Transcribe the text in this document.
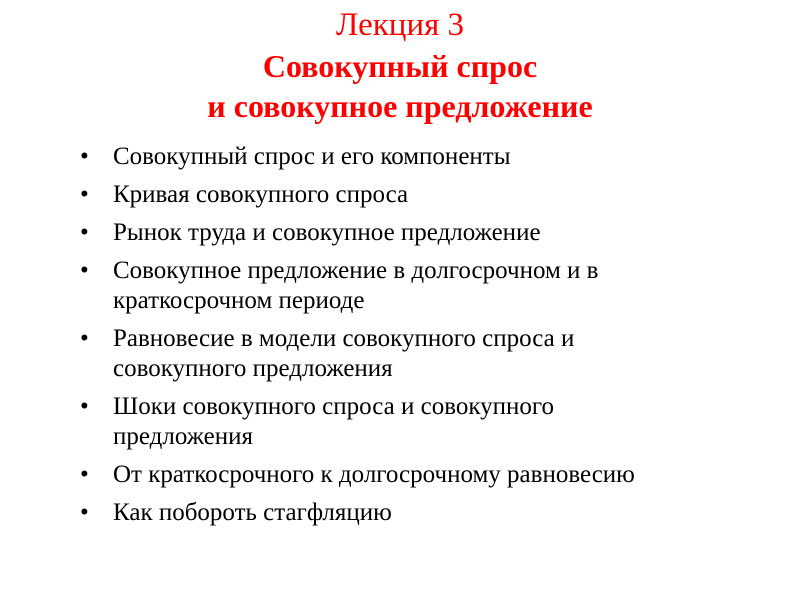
Лекция 3
Совокупный спрос
и совокупное предложение
• Совокупный спрос и его компоненты
• Кривая совокупного спроса
• Рынок труда и совокупное предложение
• Совокупное предложение в долгосрочном и в
краткосрочном периоде
• Равновесие в модели совокупного спроса и
совокупного предложения
• Шоки совокупного спроса и совокупного
предложения
• От краткосрочного к долгосрочному равновесию
• Как побороть стагфляцию
